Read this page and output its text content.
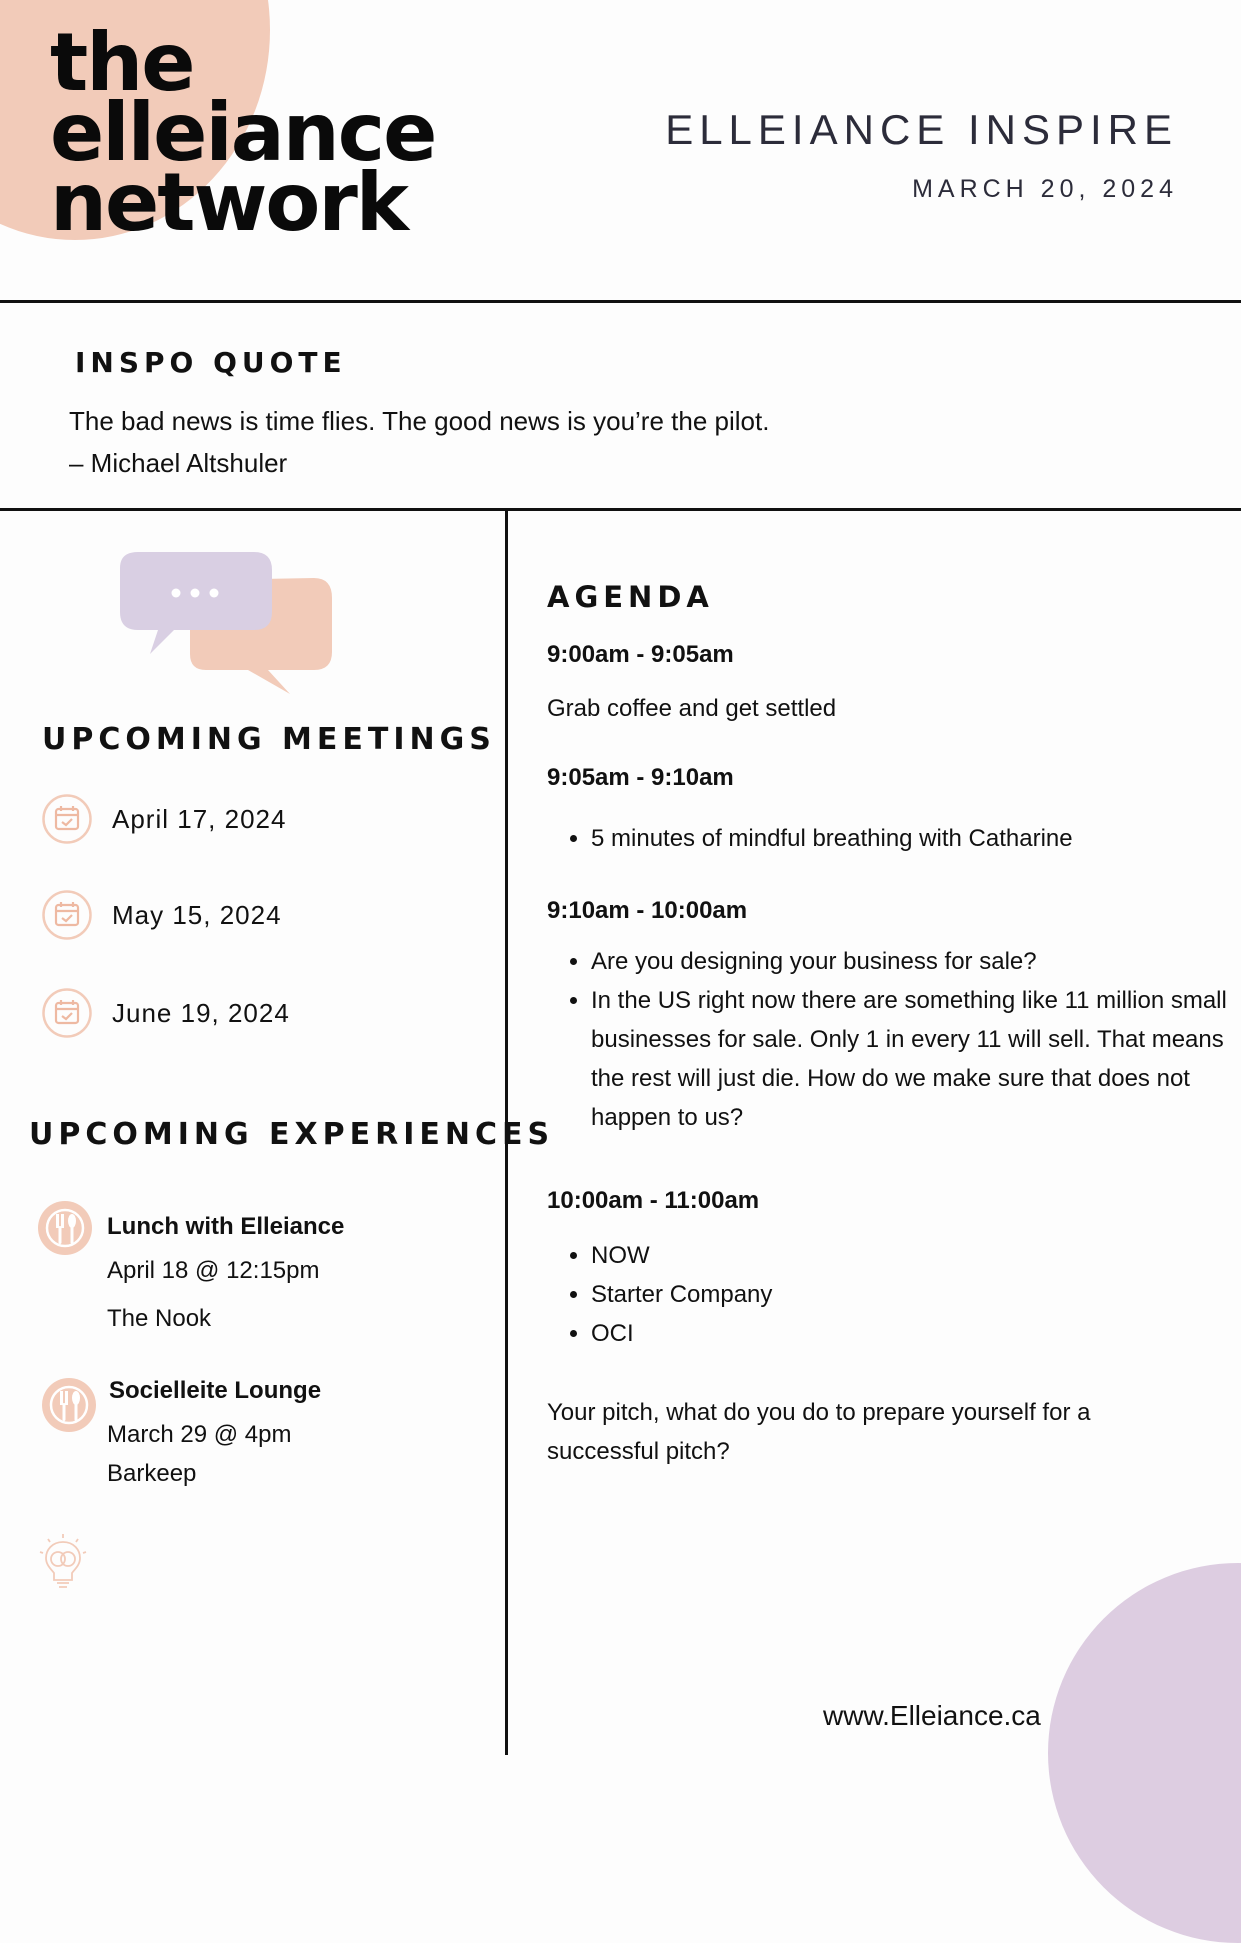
the
elleiance
network
ELLEIANCE INSPIRE
MARCH 20, 2024
INSPO QUOTE
The bad news is time flies. The good news is you’re the pilot.
– Michael Altshuler
UPCOMING MEETINGS
April 17, 2024
May 15, 2024
June 19, 2024
UPCOMING EXPERIENCES
Lunch with Elleiance
April 18 @ 12:15pm
The Nook
Socielleite Lounge
March 29 @ 4pm
Barkeep
AGENDA
9:00am - 9:05am
Grab coffee and get settled
9:05am - 9:10am
• 5 minutes of mindful breathing with Catharine
9:10am - 10:00am
• Are you designing your business for sale?
• In the US right now there are something like 11 million small businesses for sale. Only 1 in every 11 will sell. That means the rest will just die. How do we make sure that does not happen to us?
10:00am - 11:00am
• NOW
• Starter Company
• OCI
Your pitch, what do you do to prepare yourself for a successful pitch?
www.Elleiance.ca
